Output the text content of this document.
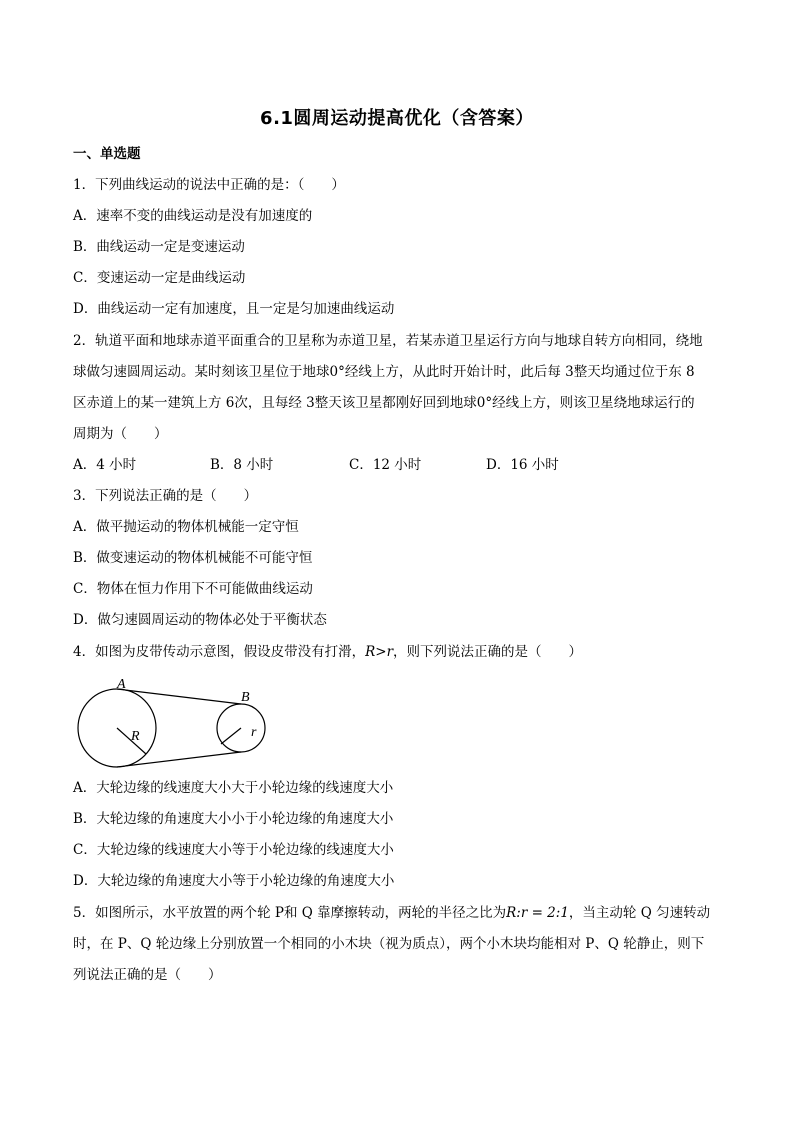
6.1圆周运动提高优化（含答案）
一、单选题
1．下列曲线运动的说法中正确的是：（　　）
A．速率不变的曲线运动是没有加速度的
B．曲线运动一定是变速运动
C．变速运动一定是曲线运动
D．曲线运动一定有加速度，且一定是匀加速曲线运动
2．轨道平面和地球赤道平面重合的卫星称为赤道卫星，若某赤道卫星运行方向与地球自转方向相同，绕地
球做匀速圆周运动。某时刻该卫星位于地球0°经线上方，从此时开始计时，此后每 3整天均通过位于东 8
区赤道上的某一建筑上方 6次，且每经 3整天该卫星都刚好回到地球0°经线上方，则该卫星绕地球运行的
周期为（　　）
A．4 小时	B．8 小时	C．12 小时	D．16 小时
3．下列说法正确的是（　　）
A．做平抛运动的物体机械能一定守恒
B．做变速运动的物体机械能不可能守恒
C．物体在恒力作用下不可能做曲线运动
D．做匀速圆周运动的物体必处于平衡状态
4．如图为皮带传动示意图，假设皮带没有打滑，R>r，则下列说法正确的是（　　）
A
B
R	r
A．大轮边缘的线速度大小大于小轮边缘的线速度大小
B．大轮边缘的角速度大小小于小轮边缘的角速度大小
C．大轮边缘的线速度大小等于小轮边缘的线速度大小
D．大轮边缘的角速度大小等于小轮边缘的角速度大小
5．如图所示，水平放置的两个轮 P和 Q 靠摩擦转动，两轮的半径之比为R:r = 2:1，当主动轮 Q 匀速转动
时，在 P、Q 轮边缘上分别放置一个相同的小木块（视为质点），两个小木块均能相对 P、Q 轮静止，则下
列说法正确的是（　　）
